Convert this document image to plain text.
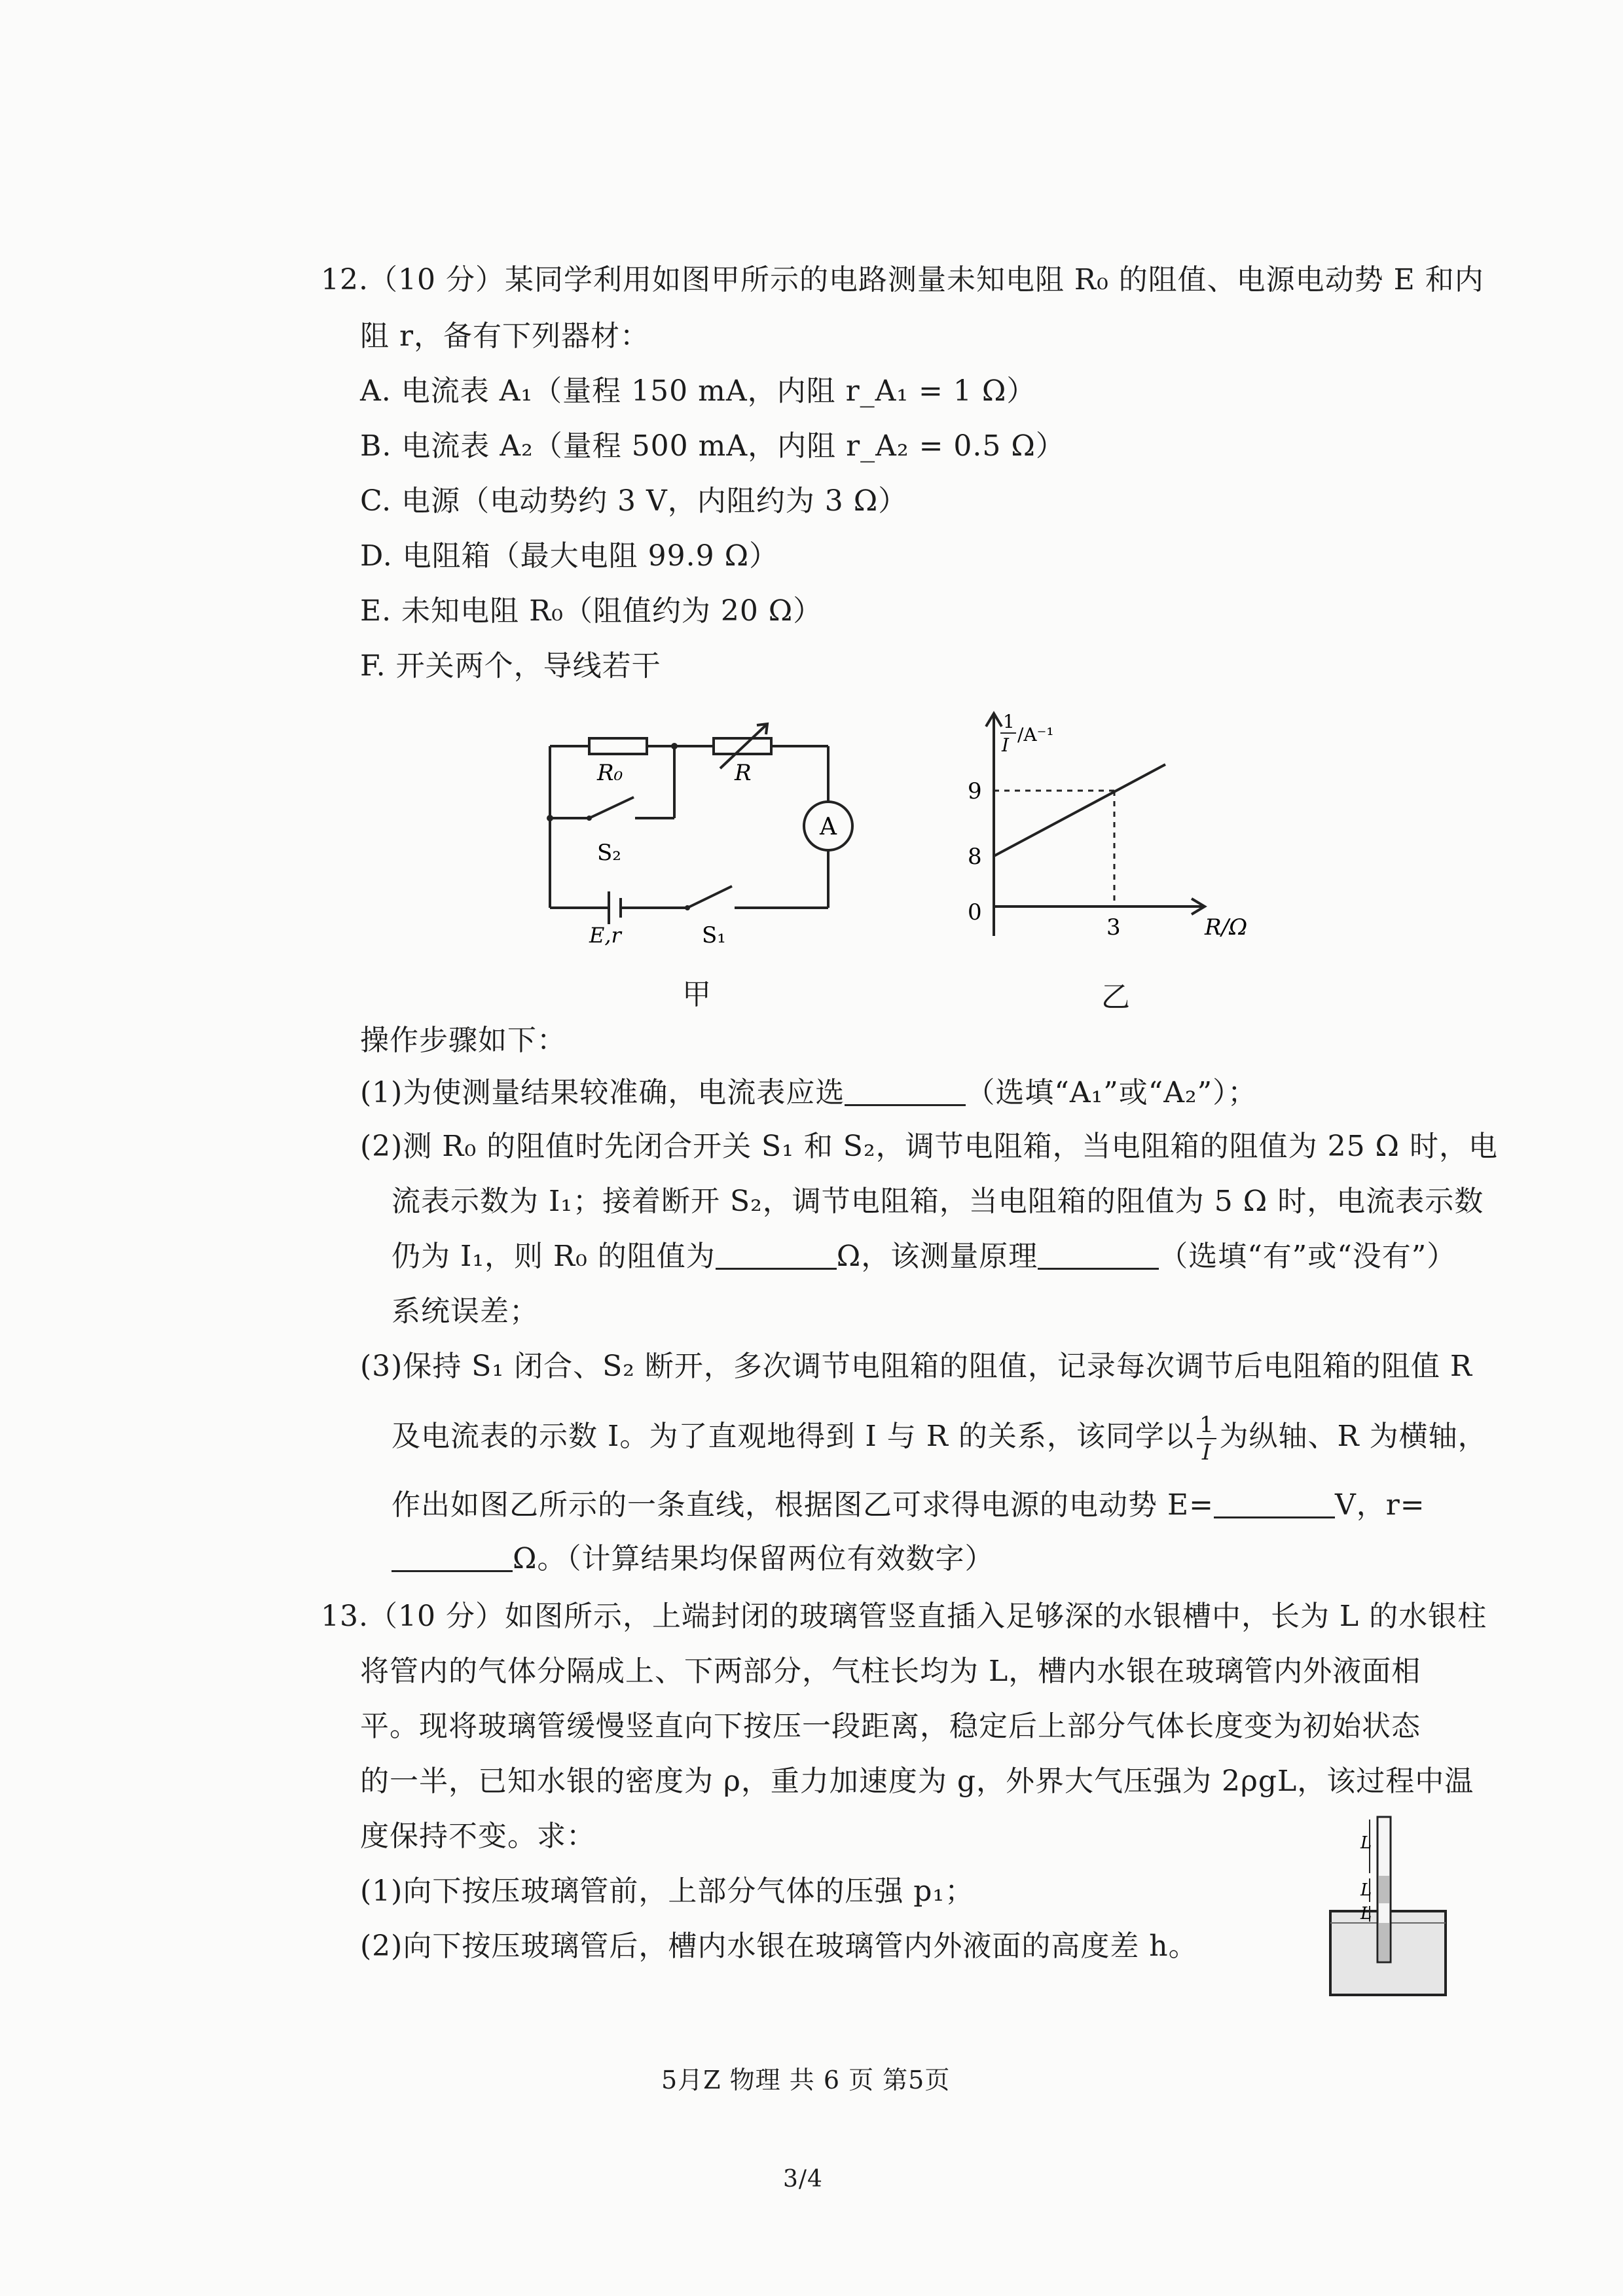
12.（10 分）某同学利用如图甲所示的电路测量未知电阻 R₀ 的阻值、电源电动势 E 和内
阻 r，备有下列器材：
A. 电流表 A₁（量程 150 mA，内阻 r_A₁ = 1 Ω）
B. 电流表 A₂（量程 500 mA，内阻 r_A₂ = 0.5 Ω）
C. 电源（电动势约 3 V，内阻约为 3 Ω）
D. 电阻箱（最大电阻 99.9 Ω）
E. 未知电阻 R₀（阻值约为 20 Ω）
F. 开关两个，导线若干
R₀	R
A
S₂
S₁
E,r
甲
1
I /A⁻¹
9
8
0
3	R/Ω
乙
操作步骤如下：
(1)为使测量结果较准确，电流表应选	（选填“A₁”或“A₂”）；
(2)测 R₀ 的阻值时先闭合开关 S₁ 和 S₂，调节电阻箱，当电阻箱的阻值为 25 Ω 时，电
流表示数为 I₁；接着断开 S₂，调节电阻箱，当电阻箱的阻值为 5 Ω 时，电流表示数
仍为 I₁，则 R₀ 的阻值为	Ω，该测量原理	（选填“有”或“没有”）
系统误差；
(3)保持 S₁ 闭合、S₂ 断开，多次调节电阻箱的阻值，记录每次调节后电阻箱的阻值 R
及电流表的示数 I。为了直观地得到 I 与 R 的关系，该同学以 $\frac{1}{I}$ 为纵轴、R 为横轴，
作出如图乙所示的一条直线，根据图乙可求得电源的电动势 E=	V，r=
Ω。（计算结果均保留两位有效数字）
13.（10 分）如图所示，上端封闭的玻璃管竖直插入足够深的水银槽中，长为 L 的水银柱
将管内的气体分隔成上、下两部分，气柱长均为 L，槽内水银在玻璃管内外液面相
平。现将玻璃管缓慢竖直向下按压一段距离，稳定后上部分气体长度变为初始状态
的一半，已知水银的密度为 ρ，重力加速度为 g，外界大气压强为 2ρgL，该过程中温
度保持不变。求：
(1)向下按压玻璃管前，上部分气体的压强 p₁；
(2)向下按压玻璃管后，槽内水银在玻璃管内外液面的高度差 h。
L
L
L
5月Z 物理 共 6 页 第5页
3/4
